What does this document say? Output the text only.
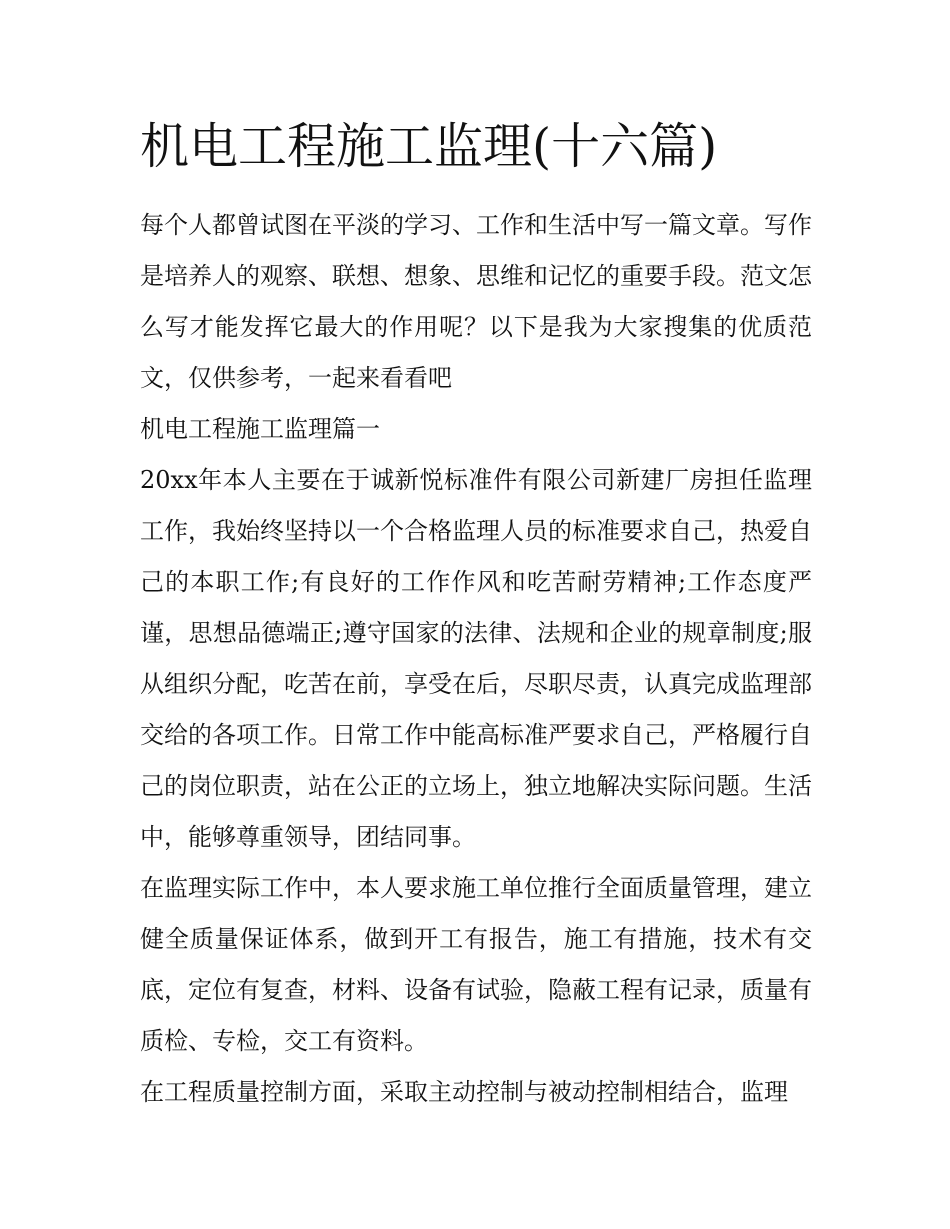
机电工程施工监理(十六篇)

每个人都曾试图在平淡的学习、工作和生活中写一篇文章。写作是培养人的观察、联想、想象、思维和记忆的重要手段。范文怎么写才能发挥它最大的作用呢？以下是我为大家搜集的优质范文，仅供参考，一起来看看吧

机电工程施工监理篇一

20xx年本人主要在于诚新悦标准件有限公司新建厂房担任监理工作，我始终坚持以一个合格监理人员的标准要求自己，热爱自己的本职工作;有良好的工作作风和吃苦耐劳精神;工作态度严谨，思想品德端正;遵守国家的法律、法规和企业的规章制度;服从组织分配，吃苦在前，享受在后，尽职尽责，认真完成监理部交给的各项工作。日常工作中能高标准严要求自己，严格履行自己的岗位职责，站在公正的立场上，独立地解决实际问题。生活中，能够尊重领导，团结同事。

在监理实际工作中，本人要求施工单位推行全面质量管理，建立健全质量保证体系，做到开工有报告，施工有措施，技术有交底，定位有复查，材料、设备有试验，隐蔽工程有记录，质量有质检、专检，交工有资料。

在工程质量控制方面，采取主动控制与被动控制相结合，监理
